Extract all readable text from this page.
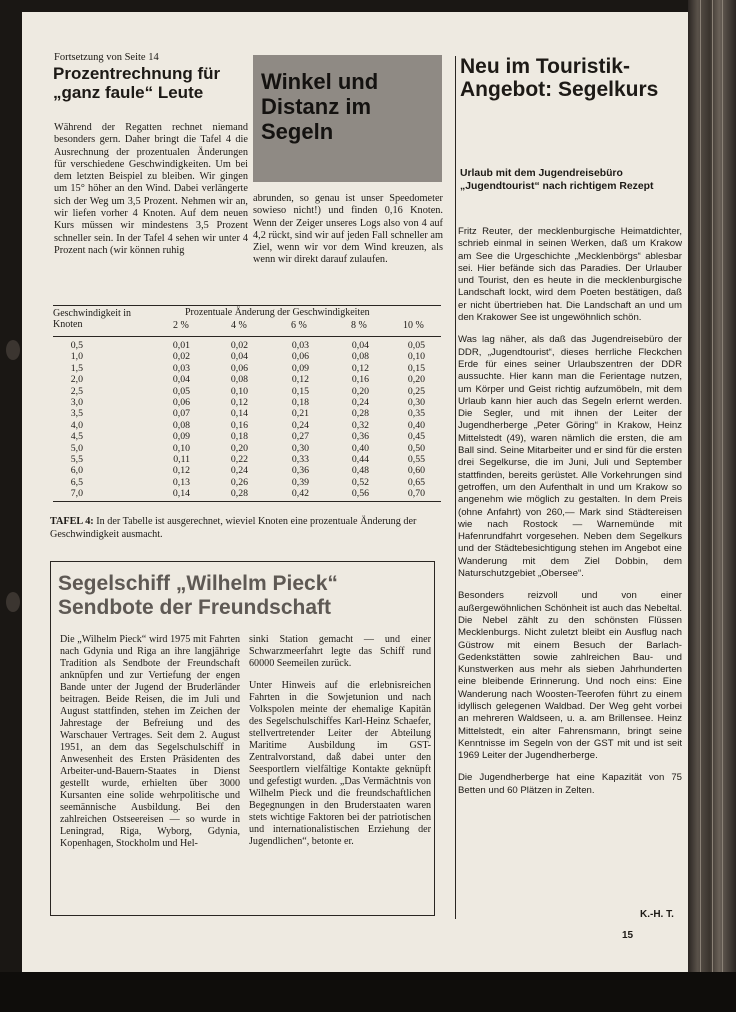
Fortsetzung von Seite 14
Prozentrechnung für „ganz faule“ Leute

Während der Regatten rechnet niemand besonders gern. Daher bringt die Tafel 4 die Ausrechnung der prozentualen Änderungen für verschiedene Geschwindigkeiten. Um bei dem letzten Beispiel zu bleiben. Wir gingen um 15° höher an den Wind. Dabei verlängerte sich der Weg um 3,5 Prozent. Nehmen wir an, wir liefen vorher 4 Knoten. Auf dem neuen Kurs müssen wir mindestens 3,5 Prozent schneller sein. In der Tafel 4 sehen wir unter 4 Prozent nach (wir können ruhig

Winkel und Distanz im Segeln

abrunden, so genau ist unser Speedometer sowieso nicht!) und finden 0,16 Knoten. Wenn der Zeiger unseres Logs also von 4 auf 4,2 rückt, sind wir auf jeden Fall schneller am Ziel, wenn wir vor dem Wind kreuzen, als wenn wir direkt darauf zulaufen.

Geschwindigkeit in Knoten
Prozentuale Änderung der Geschwindigkeiten
2 %	4 %	6 %	8 %	10 %
0,5	0,01	0,02	0,03	0,04	0,05
1,0	0,02	0,04	0,06	0,08	0,10
1,5	0,03	0,06	0,09	0,12	0,15
2,0	0,04	0,08	0,12	0,16	0,20
2,5	0,05	0,10	0,15	0,20	0,25
3,0	0,06	0,12	0,18	0,24	0,30
3,5	0,07	0,14	0,21	0,28	0,35
4,0	0,08	0,16	0,24	0,32	0,40
4,5	0,09	0,18	0,27	0,36	0,45
5,0	0,10	0,20	0,30	0,40	0,50
5,5	0,11	0,22	0,33	0,44	0,55
6,0	0,12	0,24	0,36	0,48	0,60
6,5	0,13	0,26	0,39	0,52	0,65
7,0	0,14	0,28	0,42	0,56	0,70
TAFEL 4: In der Tabelle ist ausgerechnet, wieviel Knoten eine prozentuale Änderung der Geschwindigkeit ausmacht.
Segelschiff „Wilhelm Pieck“
Sendbote der Freundschaft

Die „Wilhelm Pieck“ wird 1975 mit Fahrten nach Gdynia und Riga an ihre langjährige Tradition als Sendbote der Freundschaft anknüpfen und zur Vertiefung der engen Bande unter der Jugend der Bruderländer beitragen. Beide Reisen, die im Juli und August stattfinden, stehen im Zeichen der Jahrestage der Befreiung und des Warschauer Vertrages. Seit dem 2. August 1951, an dem das Segelschulschiff in Anwesenheit des Ersten Präsidenten des Arbeiter-und-Bauern-Staates in Dienst gestellt wurde, erhielten über 3000 Kursanten eine solide wehrpolitische und seemännische Ausbildung. Bei den zahlreichen Ostseereisen — so wurde in Leningrad, Riga, Wyborg, Gdynia, Kopenhagen, Stockholm und Hel-

sinki Station gemacht — und einer Schwarzmeerfahrt legte das Schiff rund 60000 Seemeilen zurück.

Unter Hinweis auf die erlebnisreichen Fahrten in die Sowjetunion und nach Volkspolen meinte der ehemalige Kapitän des Segelschulschiffes Karl-Heinz Schaefer, stellvertretender Leiter der Abteilung Maritime Ausbildung im GST-Zentralvorstand, daß dabei unter den Seesportlern vielfältige Kontakte geknüpft und gefestigt wurden. „Das Vermächtnis von Wilhelm Pieck und die freundschaftlichen Begegnungen in den Bruderstaaten waren stets wichtige Faktoren bei der patriotischen und internationalistischen Erziehung der Jugendlichen“, betonte er.

Neu im Touristik-Angebot: Segelkurs
Urlaub mit dem Jugendreisebüro „Jugendtourist“ nach richtigem Rezept

Fritz Reuter, der mecklenburgische Heimatdichter, schrieb einmal in seinen Werken, daß um Krakow am See die Urgeschichte „Mecklenbörgs“ ablesbar sei. Hier befände sich das Paradies. Der Urlauber und Tourist, den es heute in die mecklenburgische Landschaft lockt, wird dem Poeten bestätigen, daß er nicht übertrieben hat. Die Landschaft an und um den Krakower See ist ungewöhnlich schön.

Was lag näher, als daß das Jugendreisebüro der DDR, „Jugendtourist“, dieses herrliche Fleckchen Erde für eines seiner Urlaubszentren der DDR aussuchte. Hier kann man die Ferientage nutzen, um Körper und Geist richtig aufzumöbeln, mit dem Urlaub kann hier auch das Segeln erlernt werden. Die Segler, und mit ihnen der Leiter der Jugendherberge „Peter Göring“ in Krakow, Heinz Mittelstedt (49), waren nämlich die ersten, die am Ball sind. Seine Mitarbeiter und er sind für die ersten drei Segelkurse, die im Juni, Juli und September stattfinden, bereits gerüstet. Alle Vorkehrungen sind getroffen, um den Aufenthalt in und um Krakow so angenehm wie möglich zu gestalten. In dem Preis (ohne Anfahrt) von 260,— Mark sind Städtereisen wie nach Rostock — Warnemünde mit Hafenrundfahrt vorgesehen. Neben dem Segelkurs und der Städtebesichtigung stehen im Angebot eine Wanderung mit dem Ziel Dobbin, dem Naturschutzgebiet „Obersee“.

Besonders reizvoll und von einer außergewöhnlichen Schönheit ist auch das Nebeltal. Die Nebel zählt zu den schönsten Flüssen Mecklenburgs. Nicht zuletzt bleibt ein Ausflug nach Güstrow mit einem Besuch der Barlach-Gedenkstätten sowie zahlreichen Bau- und Kunstwerken aus mehr als sieben Jahrhunderten eine bleibende Erinnerung. Und noch eins: Eine Wanderung nach Woosten-Teerofen führt zu einem idyllisch gelegenen Waldbad. Der Weg geht vorbei an mehreren Waldseen, u. a. am Brillensee. Heinz Mittelstedt, ein alter Fahrensmann, bringt seine Kenntnisse im Segeln von der GST mit und ist seit 1969 Leiter der Jugendherberge.

Die Jugendherberge hat eine Kapazität von 75 Betten und 60 Plätzen in Zelten.

K.-H. T.
15
